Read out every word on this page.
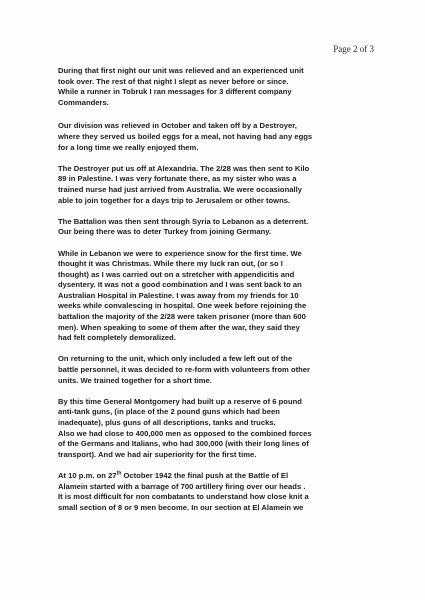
Page 2 of 3
During that first night our unit was relieved and an experienced unit
took over. The rest of that night I slept as never before or since.
While a runner in Tobruk I ran messages for 3 different company
Commanders.
Our division was relieved in October and taken off by a Destroyer,
where they served us boiled eggs for a meal, not having had any eggs
for a long time we really enjoyed them.
The Destroyer put us off at Alexandria. The 2/28 was then sent to Kilo
89 in Palestine. I was very fortunate there, as my sister who was a
trained nurse had just arrived from Australia. We were occasionally
able to join together for a days trip to Jerusalem or other towns.
The Battalion was then sent through Syria to Lebanon as a deterrent.
Our being there was to deter Turkey from joining Germany.
While in Lebanon we were to experience snow for the first time. We
thought it was Christmas. While there my luck ran out, (or so I
thought) as I was carried out on a stretcher with appendicitis and
dysentery. It was not a good combination and I was sent back to an
Australian Hospital in Palestine. I was away from my friends for 10
weeks while convalescing in hospital. One week before rejoining the
battalion the majority of the 2/28 were taken prisoner (more than 600
men). When speaking to some of them after the war, they said they
had felt completely demoralized.
On returning to the unit, which only included a few left out of the
battle personnel, it was decided to re-form with volunteers from other
units. We trained together for a short time.
By this time General Montgomery had built up a reserve of 6 pound
anti-tank guns, (in place of the 2 pound guns which had been
inadequate), plus guns of all descriptions, tanks and trucks.
Also we had close to 400,000 men as opposed to the combined forces
of the Germans and Italians, who had 300,000 (with their long lines of
transport). And we had air superiority for the first time.
At 10 p.m. on 27th October 1942 the final push at the Battle of El
Alamein started with a barrage of 700 artillery firing over our heads .
It is most difficult for non combatants to understand how close knit a
small section of 8 or 9 men become. In our section at El Alamein we
